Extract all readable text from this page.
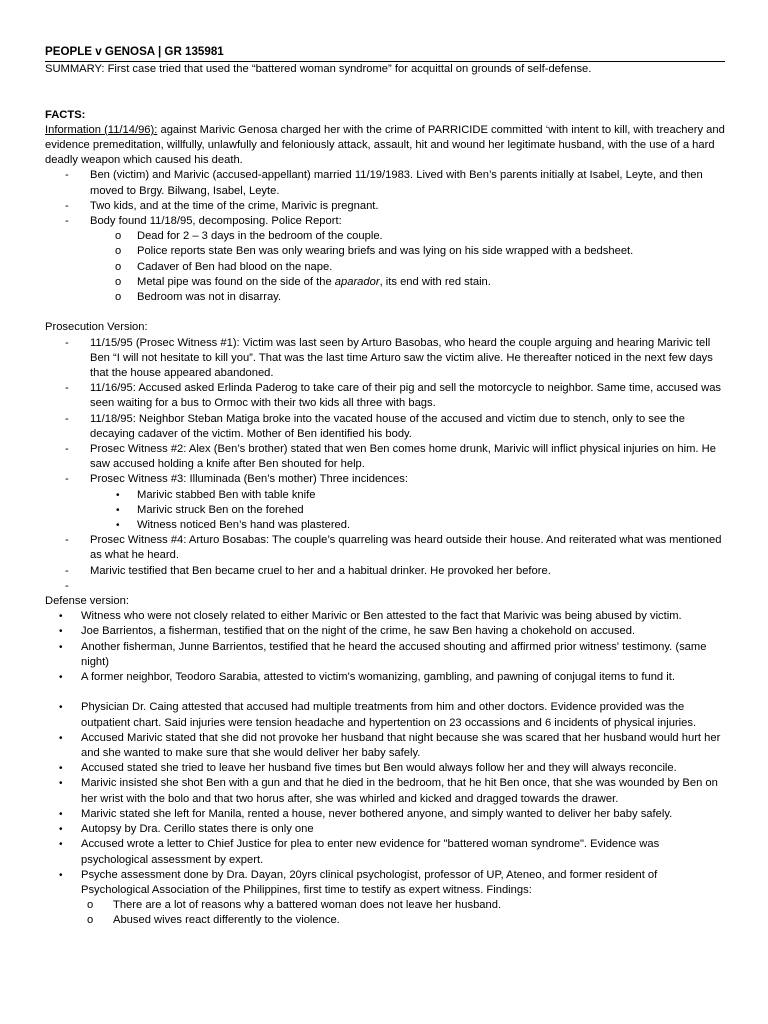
PEOPLE v GENOSA | GR 135981

SUMMARY: First case tried that used the “battered woman syndrome” for acquittal on grounds of self-defense.

FACTS:

Information (11/14/96): against Marivic Genosa charged her with the crime of PARRICIDE committed ‘with intent to kill, with treachery and evidence premeditation, willfully, unlawfully and feloniously attack, assault, hit and wound her legitimate husband, with the use of a hard deadly weapon which caused his death.

- Ben (victim) and Marivic (accused-appellant) married 11/19/1983. Lived with Ben’s parents initially at Isabel, Leyte, and then moved to Brgy. Bilwang, Isabel, Leyte.
- Two kids, and at the time of the crime, Marivic is pregnant.
- Body found 11/18/95, decomposing. Police Report:
o Dead for 2 – 3 days in the bedroom of the couple.
o Police reports state Ben was only wearing briefs and was lying on his side wrapped with a bedsheet.
o Cadaver of Ben had blood on the nape.
o Metal pipe was found on the side of the aparador, its end with red stain.
o Bedroom was not in disarray.
Prosecution Version:
- 11/15/95 (Prosec Witness #1): Victim was last seen by Arturo Basobas, who heard the couple arguing and hearing Marivic tell Ben “I will not hesitate to kill you”. That was the last time Arturo saw the victim alive. He thereafter noticed in the next few days that the house appeared abandoned.
- 11/16/95: Accused asked Erlinda Paderog to take care of their pig and sell the motorcycle to neighbor. Same time, accused was seen waiting for a bus to Ormoc with their two kids all three with bags.
- 11/18/95: Neighbor Steban Matiga broke into the vacated house of the accused and victim due to stench, only to see the decaying cadaver of the victim. Mother of Ben identified his body.
- Prosec Witness #2: Alex (Ben’s brother) stated that wen Ben comes home drunk, Marivic will inflict physical injuries on him. He saw accused holding a knife after Ben shouted for help.
- Prosec Witness #3: Illuminada (Ben’s mother) Three incidences:
• Marivic stabbed Ben with table knife
• Marivic struck Ben on the forehed
• Witness noticed Ben’s hand was plastered.
- Prosec Witness #4: Arturo Bosabas: The couple’s quarreling was heard outside their house. And reiterated what was mentioned as what he heard.
- Marivic testified that Ben became cruel to her and a habitual drinker. He provoked her before.
-

Defense version:
• Witness who were not closely related to either Marivic or Ben attested to the fact that Marivic was being abused by victim.
• Joe Barrientos, a fisherman, testified that on the night of the crime, he saw Ben having a chokehold on accused.
• Another fisherman, Junne Barrientos, testified that he heard the accused shouting and affirmed prior witness' testimony. (same night)
• A former neighbor, Teodoro Sarabia, attested to victim's womanizing, gambling, and pawning of conjugal items to fund it.
• Physician Dr. Caing attested that accused had multiple treatments from him and other doctors. Evidence provided was the outpatient chart. Said injuries were tension headache and hypertention on 23 occassions and 6 incidents of physical injuries.
• Accused Marivic stated that she did not provoke her husband that night because she was scared that her husband would hurt her and she wanted to make sure that she would deliver her baby safely.
• Accused stated she tried to leave her husband five times but Ben would always follow her and they will always reconcile.
• Marivic insisted she shot Ben with a gun and that he died in the bedroom, that he hit Ben once, that she was wounded by Ben on her wrist with the bolo and that two horus after, she was whirled and kicked and dragged towards the drawer.
• Marivic stated she left for Manila, rented a house, never bothered anyone, and simply wanted to deliver her baby safely.
• Autopsy by Dra. Cerillo states there is only one
• Accused wrote a letter to Chief Justice for plea to enter new evidence for "battered woman syndrome". Evidence was psychological assessment by expert.
• Psyche assessment done by Dra. Dayan, 20yrs clinical psychologist, professor of UP, Ateneo, and former resident of Psychological Association of the Philippines, first time to testify as expert witness. Findings:
o There are a lot of reasons why a battered woman does not leave her husband.
o Abused wives react differently to the violence.
